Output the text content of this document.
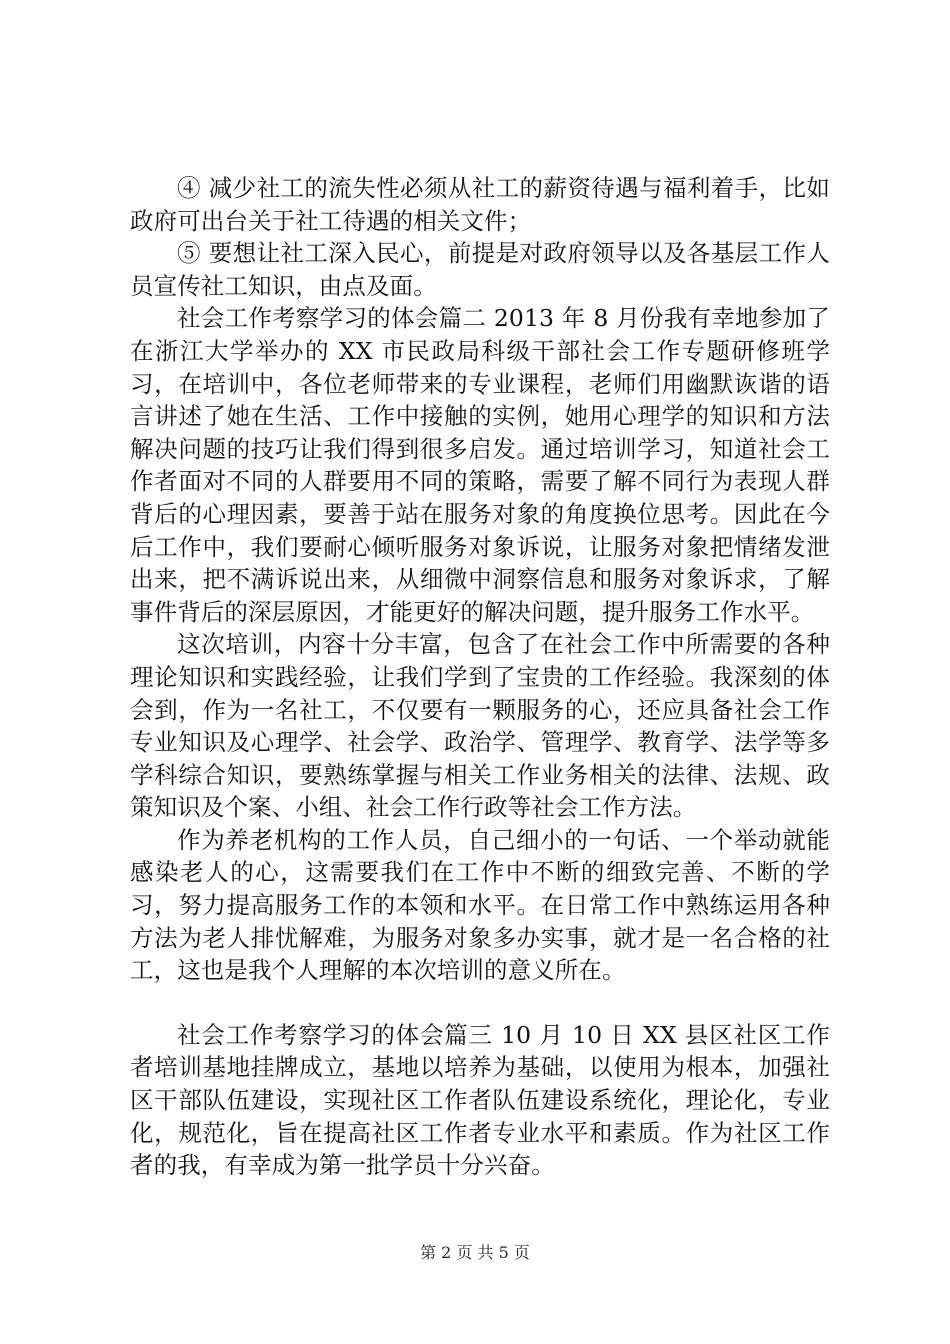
④ 减少社工的流失性必须从社工的薪资待遇与福利着手，比如政府可出台关于社工待遇的相关文件；

⑤ 要想让社工深入民心，前提是对政府领导以及各基层工作人员宣传社工知识，由点及面。

社会工作考察学习的体会篇二 2013 年 8 月份我有幸地参加了在浙江大学举办的 XX 市民政局科级干部社会工作专题研修班学习，在培训中，各位老师带来的专业课程，老师们用幽默诙谐的语言讲述了她在生活、工作中接触的实例，她用心理学的知识和方法解决问题的技巧让我们得到很多启发。通过培训学习，知道社会工作者面对不同的人群要用不同的策略，需要了解不同行为表现人群背后的心理因素，要善于站在服务对象的角度换位思考。因此在今后工作中，我们要耐心倾听服务对象诉说，让服务对象把情绪发泄出来，把不满诉说出来，从细微中洞察信息和服务对象诉求，了解事件背后的深层原因，才能更好的解决问题，提升服务工作水平。

这次培训，内容十分丰富，包含了在社会工作中所需要的各种理论知识和实践经验，让我们学到了宝贵的工作经验。我深刻的体会到，作为一名社工，不仅要有一颗服务的心，还应具备社会工作专业知识及心理学、社会学、政治学、管理学、教育学、法学等多学科综合知识，要熟练掌握与相关工作业务相关的法律、法规、政策知识及个案、小组、社会工作行政等社会工作方法。

作为养老机构的工作人员，自己细小的一句话、一个举动就能感染老人的心，这需要我们在工作中不断的细致完善、不断的学习，努力提高服务工作的本领和水平。在日常工作中熟练运用各种方法为老人排忧解难，为服务对象多办实事，就才是一名合格的社工，这也是我个人理解的本次培训的意义所在。

社会工作考察学习的体会篇三 10 月 10 日 XX 县区社区工作者培训基地挂牌成立，基地以培养为基础，以使用为根本，加强社区干部队伍建设，实现社区工作者队伍建设系统化，理论化，专业化，规范化，旨在提高社区工作者专业水平和素质。作为社区工作者的我，有幸成为第一批学员十分兴奋。

第 2 页 共 5 页
